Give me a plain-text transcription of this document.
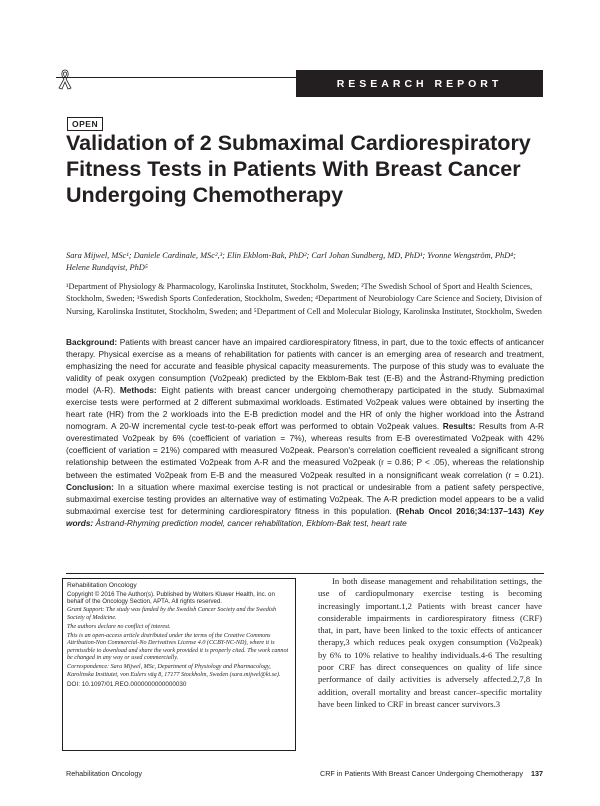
RESEARCH REPORT
OPEN
Validation of 2 Submaximal Cardiorespiratory Fitness Tests in Patients With Breast Cancer Undergoing Chemotherapy
Sara Mijwel, MSc¹; Daniele Cardinale, MSc²,³; Elin Ekblom-Bak, PhD²; Carl Johan Sundberg, MD, PhD¹; Yvonne Wengström, PhD⁴; Helene Rundqvist, PhD⁵
¹Department of Physiology & Pharmacology, Karolinska Institutet, Stockholm, Sweden; ²The Swedish School of Sport and Health Sciences, Stockholm, Sweden; ³Swedish Sports Confederation, Stockholm, Sweden; ⁴Department of Neurobiology Care Science and Society, Division of Nursing, Karolinska Institutet, Stockholm, Sweden; and ⁵Department of Cell and Molecular Biology, Karolinska Institutet, Stockholm, Sweden
Background: Patients with breast cancer have an impaired cardiorespiratory fitness, in part, due to the toxic effects of anticancer therapy. Physical exercise as a means of rehabilitation for patients with cancer is an emerging area of research and treatment, emphasizing the need for accurate and feasible physical capacity measurements. The purpose of this study was to evaluate the validity of peak oxygen consumption (Vo2peak) predicted by the Ekblom-Bak test (E-B) and the Åstrand-Rhyming prediction model (A-R). Methods: Eight patients with breast cancer undergoing chemotherapy participated in the study. Submaximal exercise tests were performed at 2 different submaximal workloads. Estimated Vo2peak values were obtained by inserting the heart rate (HR) from the 2 workloads into the E-B prediction model and the HR of only the higher workload into the Åstrand nomogram. A 20-W incremental cycle test-to-peak effort was performed to obtain Vo2peak values. Results: Results from A-R overestimated Vo2peak by 6% (coefficient of variation = 7%), whereas results from E-B overestimated Vo2peak with 42% (coefficient of variation = 21%) compared with measured Vo2peak. Pearson's correlation coefficient revealed a significant strong relationship between the estimated Vo2peak from A-R and the measured Vo2peak (r = 0.86; P < .05), whereas the relationship between the estimated Vo2peak from E-B and the measured Vo2peak resulted in a nonsignificant weak correlation (r = 0.21). Conclusion: In a situation where maximal exercise testing is not practical or undesirable from a patient safety perspective, submaximal exercise testing provides an alternative way of estimating Vo2peak. The A-R prediction model appears to be a valid submaximal exercise test for determining cardiorespiratory fitness in this population. (Rehab Oncol 2016;34:137–143) Key words: Åstrand-Rhyming prediction model, cancer rehabilitation, Ekblom-Bak test, heart rate
Rehabilitation Oncology

Copyright © 2016 The Author(s). Published by Wolters Kluwer Health, Inc. on behalf of the Oncology Section, APTA. All rights reserved.

Grant Support: The study was funded by the Swedish Cancer Society and the Swedish Society of Medicine.

The authors declare no conflict of interest.

This is an open-access article distributed under the terms of the Creative Commons Attribution-Non Commercial-No Derivatives License 4.0 (CCBY-NC-ND), where it is permissible to download and share the work provided it is properly cited. The work cannot be changed in any way or used commercially.

Correspondence: Sara Mijwel, MSc, Department of Physiology and Pharmacology, Karolinska Institutet, von Eulers väg 8, 17177 Stockholm, Sweden (sara.mijwel@ki.se).

DOI: 10.1097/01.REO.0000000000000030

In both disease management and rehabilitation settings, the use of cardiopulmonary exercise testing is becoming increasingly important.1,2 Patients with breast cancer have considerable impairments in cardiorespiratory fitness (CRF) that, in part, have been linked to the toxic effects of anticancer therapy,3 which reduces peak oxygen consumption (Vo2peak) by 6% to 10% relative to healthy individuals.4-6 The resulting poor CRF has direct consequences on quality of life since performance of daily activities is adversely affected.2,7,8 In addition, overall mortality and breast cancer–specific mortality have been linked to CRF in breast cancer survivors.3

Rehabilitation Oncology	CRF in Patients With Breast Cancer Undergoing Chemotherapy 137
